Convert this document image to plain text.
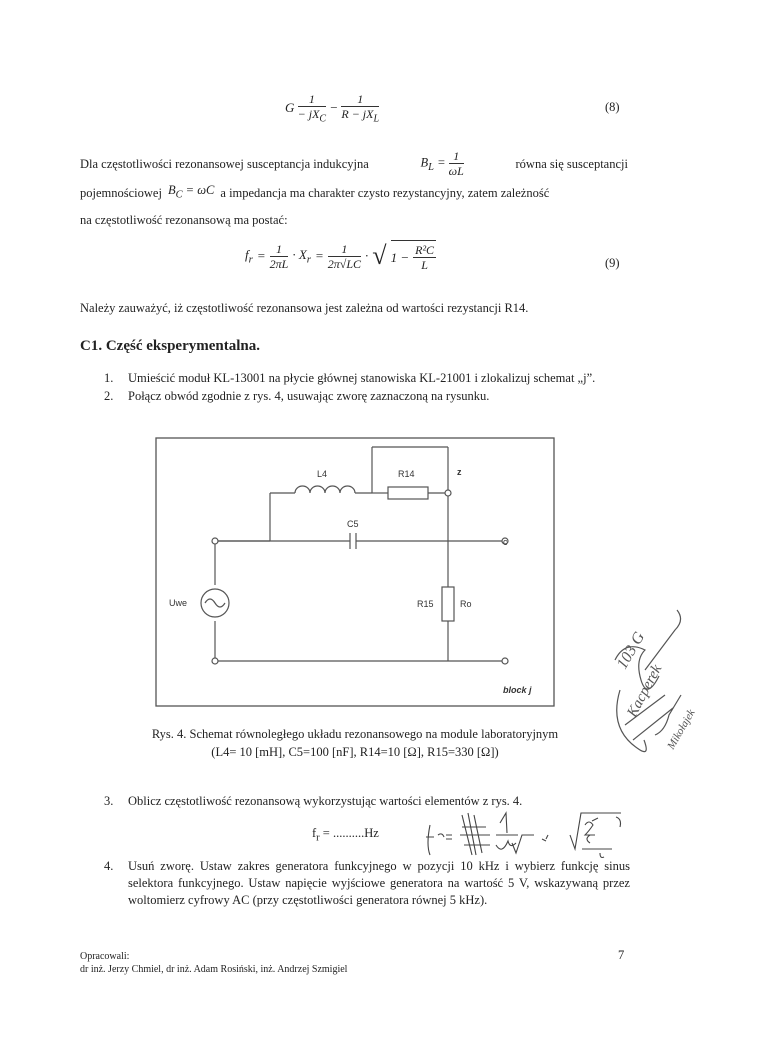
G $\frac{1}{- jX_C} - \frac{1}{R - jX_L}$	(8)
Dla częstotliwości rezonansowej susceptancja indukcyjna	$B_L = \frac{1}{\omega L}$	równa się susceptancji
pojemnościowej $B_C = \omega C$ a impedancja ma charakter czysto rezystancyjny, zatem zależność
na częstotliwość rezonansową ma postać:
$f_r = \frac{1}{2\pi L} \cdot X_r = \frac{1}{2\pi√LC}$ · √ $1 - \frac{\text{R²C}}{L}$	(9)
Należy zauważyć, iż częstotliwość rezonansowa jest zależna od wartości rezystancji R14.
C1. Część eksperymentalna.
1.	Umieścić moduł KL-13001 na płycie głównej stanowiska KL-21001 i zlokalizuj schemat „j”.
2.	Połącz obwód zgodnie z rys. 4, usuwając zworę zaznaczoną na rysunku.
L4	R14	z
C5
c
Uwe	R15	Ro
block j
Rys. 4. Schemat równoległego układu rezonansowego na module laboratoryjnym
(L4= 10 [mH], C5=100 [nF], R14=10 [Ω], R15=330 [Ω])
3.	Oblicz częstotliwość rezonansową wykorzystując wartości elementów z rys. 4.
$f_r = ..........Hz$
4.	Usuń zworę. Ustaw zakres generatora funkcyjnego w pozycji 10 kHz i wybierz funkcję sinus selektora funkcyjnego. Ustaw napięcie wyjściowe generatora na wartość 5 V, wskazywaną przez woltomierz cyfrowy AC (przy częstotliwości generatora równej 5 kHz).
103 G
Kacperek
Mikołajek
Opracowali:
dr inż. Jerzy Chmiel, dr inż. Adam Rosiński, inż. Andrzej Szmigiel
7
